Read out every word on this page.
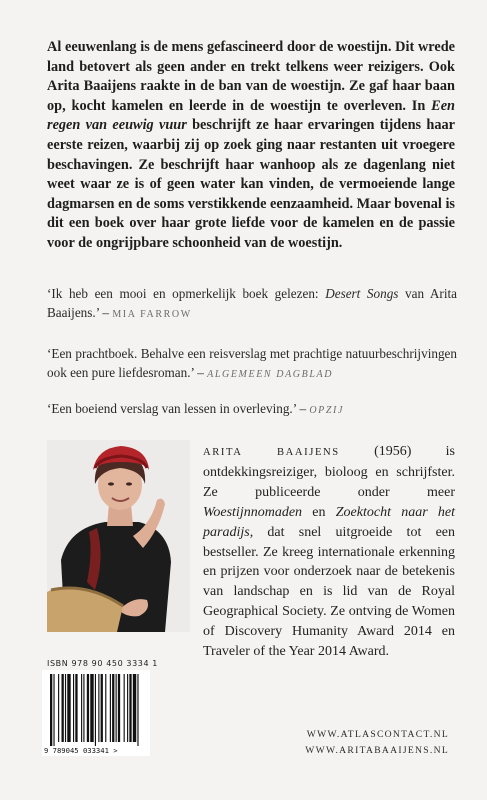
Al eeuwenlang is de mens gefascineerd door de woestijn. Dit wrede land betovert als geen ander en trekt telkens weer reizigers. Ook Arita Baaijens raakte in de ban van de woestijn. Ze gaf haar baan op, kocht kamelen en leerde in de woestijn te overleven. In Een regen van eeuwig vuur beschrijft ze haar ervaringen tijdens haar eerste reizen, waarbij zij op zoek ging naar restanten uit vroegere beschavingen. Ze beschrijft haar wanhoop als ze dagenlang niet weet waar ze is of geen water kan vinden, de vermoeiende lange dagmarsen en de soms verstikkende eenzaamheid. Maar bovenal is dit een boek over haar grote liefde voor de kamelen en de passie voor de ongrijpbare schoonheid van de woestijn.
‘Ik heb een mooi en opmerkelijk boek gelezen: Desert Songs van Arita Baaijens.’ – MIA FARROW
‘Een prachtboek. Behalve een reisverslag met prachtige natuurbeschrijvingen ook een pure liefdesroman.’ – ALGEMEEN DAGBLAD
‘Een boeiend verslag van lessen in overleving.’ – OPZIJ
ARITA BAAIJENS (1956) is ontdekkingsreiziger, bioloog en schrijfster. Ze publiceerde onder meer Woestijnnomaden en Zoektocht naar het paradijs, dat snel uitgroeide tot een bestseller. Ze kreeg internationale erkenning en prijzen voor onderzoek naar de betekenis van landschap en is lid van de Royal Geographical Society. Ze ontving de Women of Discovery Humanity Award 2014 en Traveler of the Year 2014 Award.
ISBN 978 90 450 3334 1
9 789045 033341 >
WWW.ATLASCONTACT.NL
WWW.ARITABAAIJENS.NL
